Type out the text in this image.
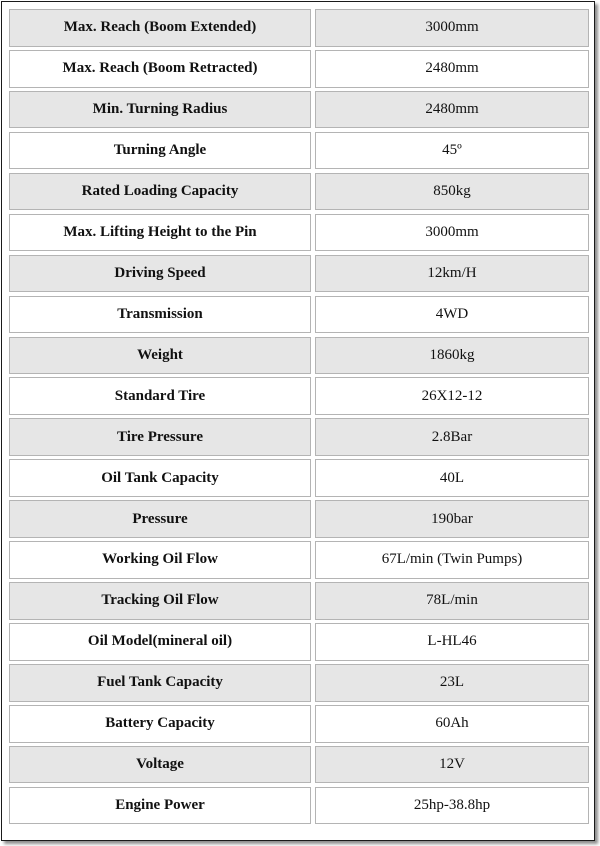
Max. Reach (Boom Extended)	3000mm
Max. Reach (Boom Retracted)	2480mm
Min. Turning Radius	2480mm
Turning Angle	45º
Rated Loading Capacity	850kg
Max. Lifting Height to the Pin	3000mm
Driving Speed	12km/H
Transmission	4WD
Weight	1860kg
Standard Tire	26X12-12
Tire Pressure	2.8Bar
Oil Tank Capacity	40L
Pressure	190bar
Working Oil Flow	67L/min (Twin Pumps)
Tracking Oil Flow	78L/min
Oil Model(mineral oil)	L-HL46
Fuel Tank Capacity	23L
Battery Capacity	60Ah
Voltage	12V
Engine Power	25hp-38.8hp
